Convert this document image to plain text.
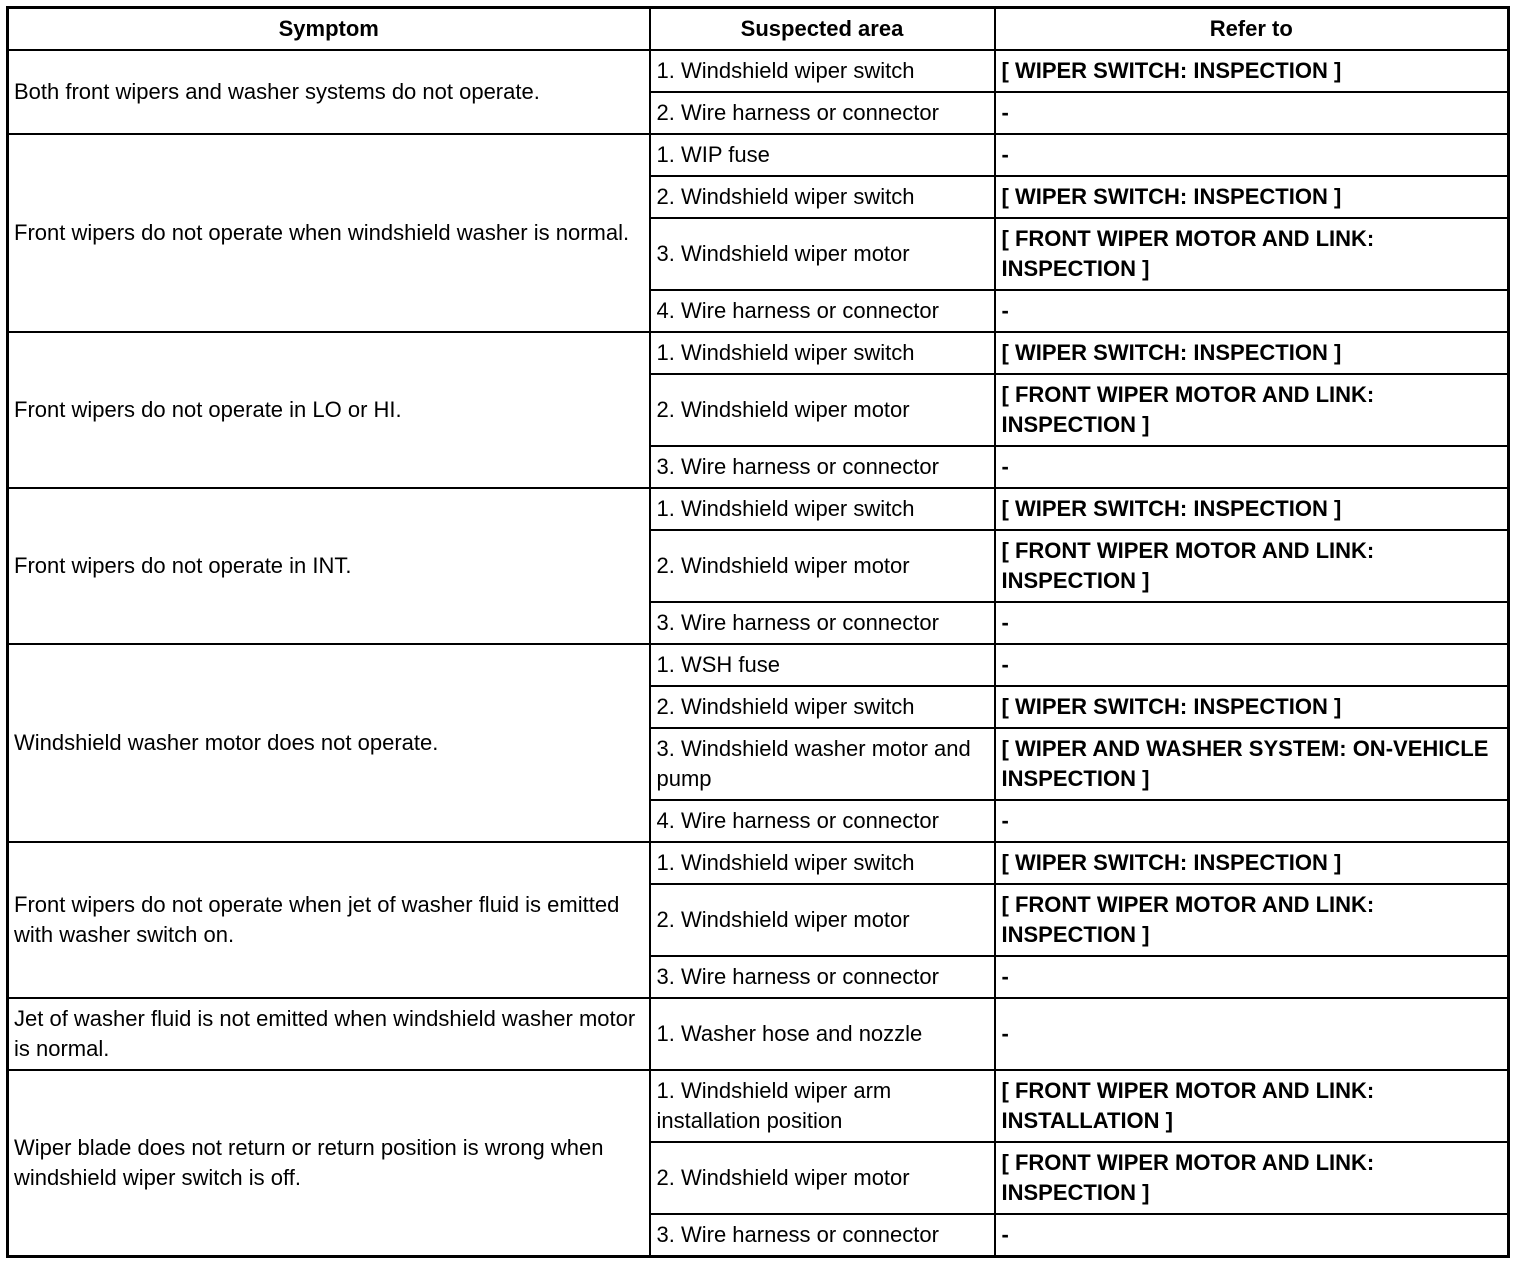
Symptom	Suspected area	Refer to
Both front wipers and washer systems do not operate.	1. Windshield wiper switch	[ WIPER SWITCH: INSPECTION ]
	2. Wire harness or connector	-
Front wipers do not operate when windshield washer is normal.	1. WIP fuse	-
	2. Windshield wiper switch	[ WIPER SWITCH: INSPECTION ]
	3. Windshield wiper motor	[ FRONT WIPER MOTOR AND LINK: INSPECTION ]
	4. Wire harness or connector	-
Front wipers do not operate in LO or HI.	1. Windshield wiper switch	[ WIPER SWITCH: INSPECTION ]
	2. Windshield wiper motor	[ FRONT WIPER MOTOR AND LINK: INSPECTION ]
	3. Wire harness or connector	-
Front wipers do not operate in INT.	1. Windshield wiper switch	[ WIPER SWITCH: INSPECTION ]
	2. Windshield wiper motor	[ FRONT WIPER MOTOR AND LINK: INSPECTION ]
	3. Wire harness or connector	-
Windshield washer motor does not operate.	1. WSH fuse	-
	2. Windshield wiper switch	[ WIPER SWITCH: INSPECTION ]
	3. Windshield washer motor and pump	[ WIPER AND WASHER SYSTEM: ON-VEHICLE INSPECTION ]
	4. Wire harness or connector	-
Front wipers do not operate when jet of washer fluid is emitted with washer switch on.	1. Windshield wiper switch	[ WIPER SWITCH: INSPECTION ]
	2. Windshield wiper motor	[ FRONT WIPER MOTOR AND LINK: INSPECTION ]
	3. Wire harness or connector	-
Jet of washer fluid is not emitted when windshield washer motor is normal.	1. Washer hose and nozzle	-
Wiper blade does not return or return position is wrong when windshield wiper switch is off.	1. Windshield wiper arm installation position	[ FRONT WIPER MOTOR AND LINK: INSTALLATION ]
	2. Windshield wiper motor	[ FRONT WIPER MOTOR AND LINK: INSPECTION ]
	3. Wire harness or connector	-
